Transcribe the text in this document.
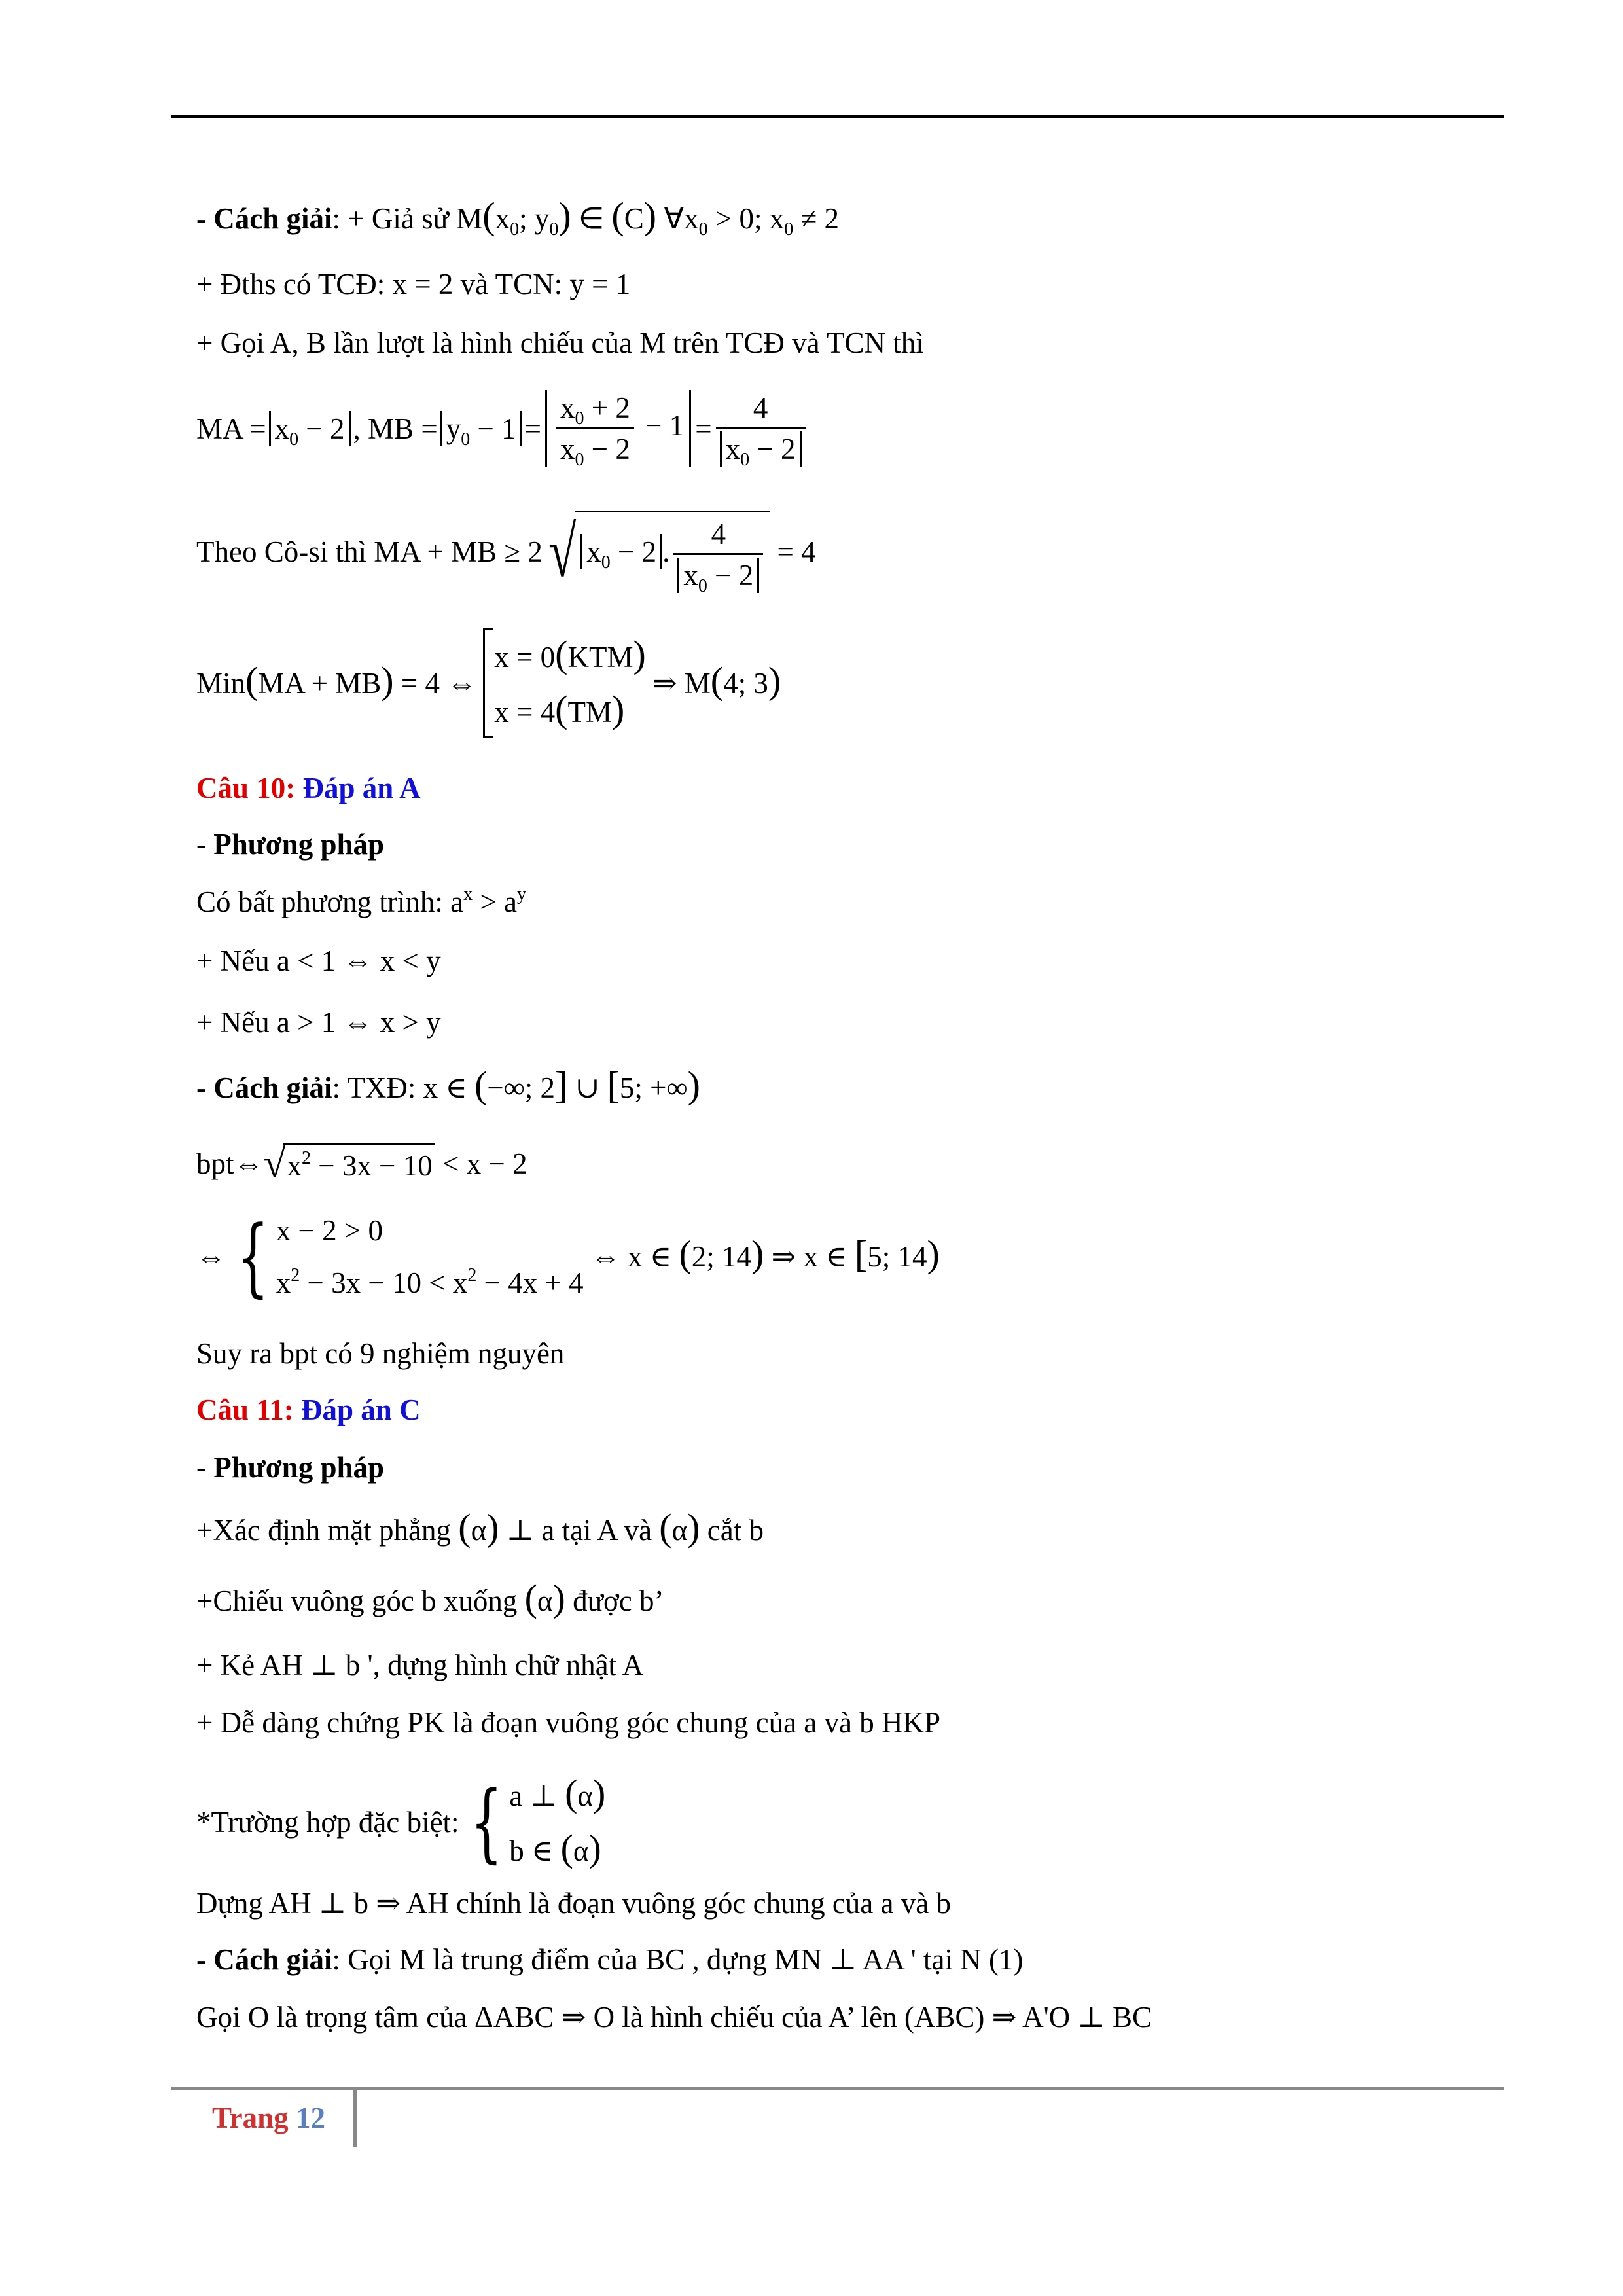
- Cách giải: + Giả sử $M(x_0$; $y_0$) ∈ (C) $\forall x_0 > 0$; $x_0 \ne 2$
+ Đths có TCĐ: x = 2 và TCN: y = 1
+ Gọi A, B lần lượt là hình chiếu của M trên TCĐ và TCN thì
MA = $x_0 - 2$ , MB = $y_0 - 1 = \frac{x_0 + 2}{x_0 - 2} - 1 = \frac{4}{x_0 - 2}$
Theo Cô-si thì MA + MB ≥ 2 √ $x_0 - 2$ . $\frac{4}{x_0 - 2} = 4$
Min(MA + MB) = 4 ⇔
x = 0(KTM)
x = 4(TM)
⇒ M(4; 3)
Câu 10: Đáp án A
- Phương pháp
Có bất phương trình: $a^x > a^y$
+ Nếu a < 1 ⇔ x < y
+ Nếu a > 1 ⇔ x > y
- Cách giải: TXĐ: x ∈ (−∞; 2] ∪ [5; +∞)
bpt ⇔ √ $x^2 - 3x - 10 < x - 2$
⇔ { x − 2 > 0
$x^2 - 3x - 10 < x^2 - 4x + 4$
⇔ x ∈ (2; 14) ⇒ x ∈ [5; 14)
Suy ra bpt có 9 nghiệm nguyên
Câu 11: Đáp án C
- Phương pháp
+Xác định mặt phẳng (α) ⊥ a tại A và (α) cắt b
+Chiếu vuông góc b xuống (α) được b’
+ Kẻ AH ⊥ b ', dựng hình chữ nhật A
+ Dễ dàng chứng PK là đoạn vuông góc chung của a và b HKP
*Trường hợp đặc biệt: { a ⊥ (α)
b ∈ (α)
Dựng AH ⊥ b ⇒ AH chính là đoạn vuông góc chung của a và b
- Cách giải: Gọi M là trung điểm của BC , dựng MN ⊥ AA ' tại N (1)
Gọi O là trọng tâm của ΔABC ⇒ O là hình chiếu của A’ lên (ABC) ⇒ A'O ⊥ BC
Trang 12
